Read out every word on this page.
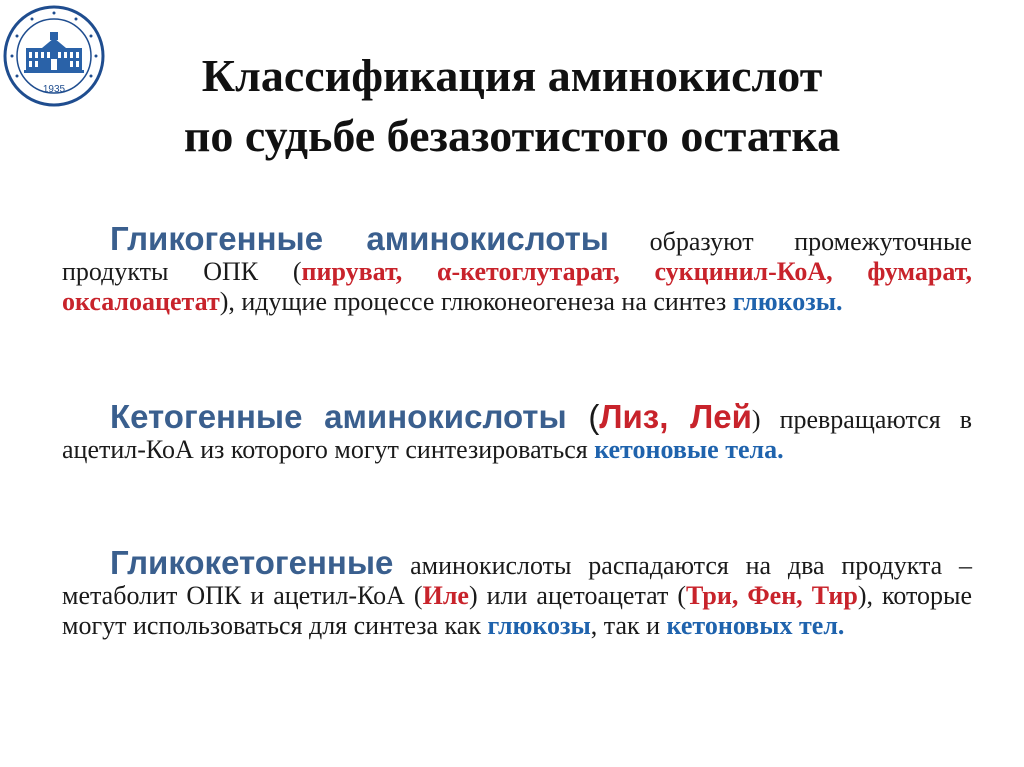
1935	Классификация аминокислот
по судьбе безазотистого остатка
Гликогенные аминокислоты образуют промежуточные продукты ОПК (пируват, α-кетоглутарат, сукцинил-КоА, фумарат, оксалоацетат), идущие процессе глюконеогенеза на синтез глюкозы.
Кетогенные аминокислоты (Лиз, Лей) превращаются в ацетил-КоА из которого могут синтезироваться кетоновые тела.
Гликокетогенные аминокислоты распадаются на два продукта – метаболит ОПК и ацетил-КоА (Иле) или ацетоацетат (Три, Фен, Тир), которые могут использоваться для синтеза как глюкозы, так и кетоновых тел.
